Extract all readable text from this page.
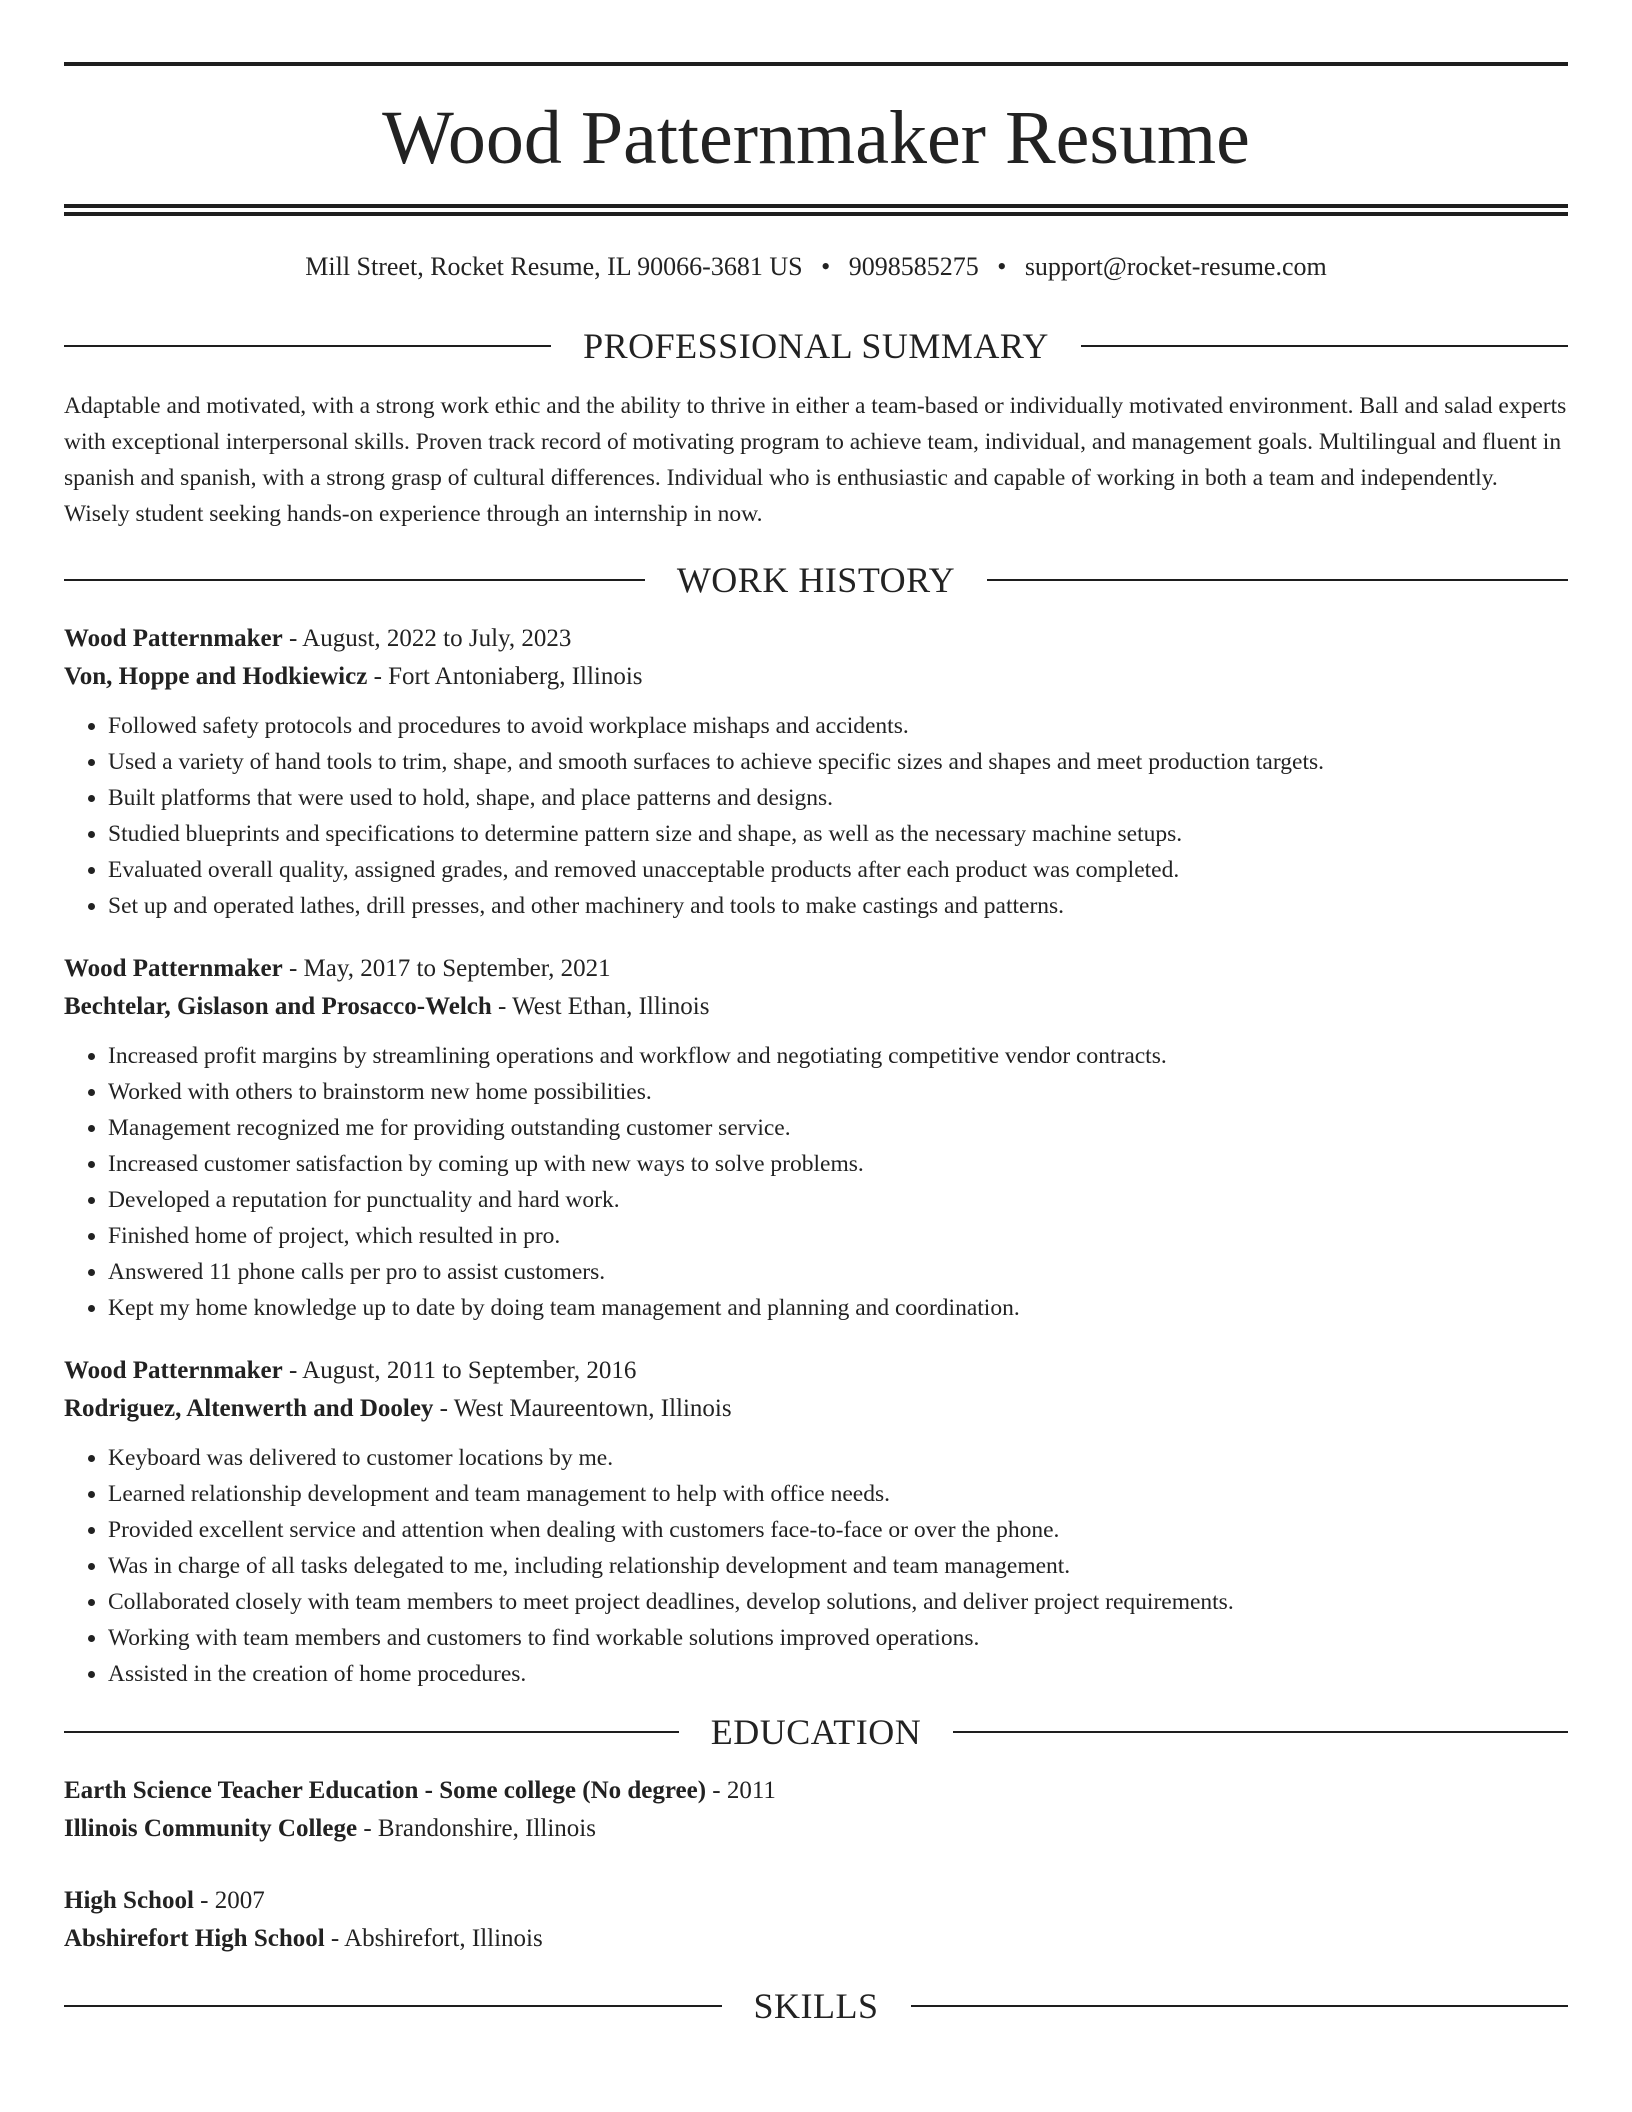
Wood Patternmaker Resume
Mill Street, Rocket Resume, IL 90066-3681 US • 9098585275 • support@rocket-resume.com
PROFESSIONAL SUMMARY

Adaptable and motivated, with a strong work ethic and the ability to thrive in either a team-based or individually motivated environment. Ball and salad experts with exceptional interpersonal skills. Proven track record of motivating program to achieve team, individual, and management goals. Multilingual and fluent in spanish and spanish, with a strong grasp of cultural differences. Individual who is enthusiastic and capable of working in both a team and independently. Wisely student seeking hands-on experience through an internship in now.

WORK HISTORY
Wood Patternmaker - August, 2022 to July, 2023
Von, Hoppe and Hodkiewicz - Fort Antoniaberg, Illinois
• Followed safety protocols and procedures to avoid workplace mishaps and accidents.
• Used a variety of hand tools to trim, shape, and smooth surfaces to achieve specific sizes and shapes and meet production targets.
• Built platforms that were used to hold, shape, and place patterns and designs.
• Studied blueprints and specifications to determine pattern size and shape, as well as the necessary machine setups.
• Evaluated overall quality, assigned grades, and removed unacceptable products after each product was completed.
• Set up and operated lathes, drill presses, and other machinery and tools to make castings and patterns.
Wood Patternmaker - May, 2017 to September, 2021
Bechtelar, Gislason and Prosacco-Welch - West Ethan, Illinois
• Increased profit margins by streamlining operations and workflow and negotiating competitive vendor contracts.
• Worked with others to brainstorm new home possibilities.
• Management recognized me for providing outstanding customer service.
• Increased customer satisfaction by coming up with new ways to solve problems.
• Developed a reputation for punctuality and hard work.
• Finished home of project, which resulted in pro.
• Answered 11 phone calls per pro to assist customers.
• Kept my home knowledge up to date by doing team management and planning and coordination.
Wood Patternmaker - August, 2011 to September, 2016
Rodriguez, Altenwerth and Dooley - West Maureentown, Illinois
• Keyboard was delivered to customer locations by me.
• Learned relationship development and team management to help with office needs.
• Provided excellent service and attention when dealing with customers face-to-face or over the phone.
• Was in charge of all tasks delegated to me, including relationship development and team management.
• Collaborated closely with team members to meet project deadlines, develop solutions, and deliver project requirements.
• Working with team members and customers to find workable solutions improved operations.
• Assisted in the creation of home procedures.
EDUCATION
Earth Science Teacher Education - Some college (No degree) - 2011
Illinois Community College - Brandonshire, Illinois
High School - 2007
Abshirefort High School - Abshirefort, Illinois
SKILLS
